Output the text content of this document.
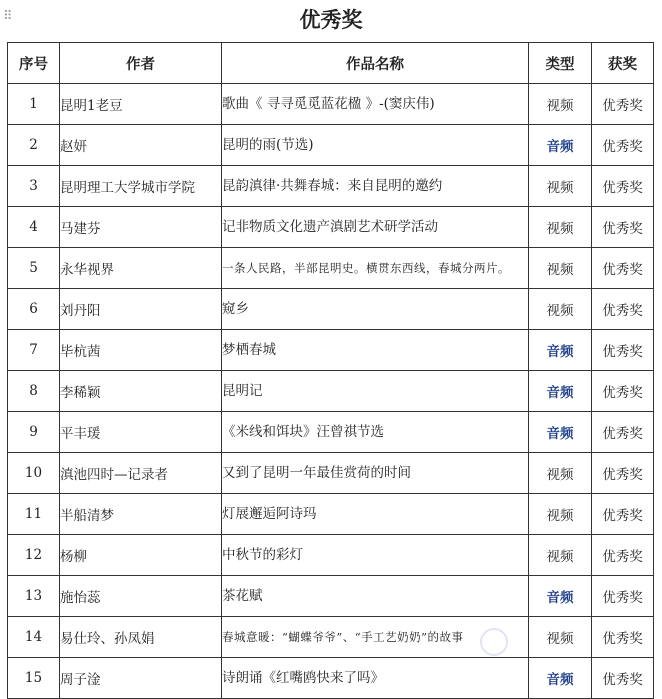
⠿	优秀奖
序号	作者	作品名称	类型	获奖
1	昆明1老豆	歌曲《 寻寻觅觅蓝花楹 》-(窦庆伟)	视频	优秀奖
2	赵妍	昆明的雨(节选)	音频	优秀奖
3	昆明理工大学城市学院	昆韵滇律·共舞春城：来自昆明的邀约	视频	优秀奖
4	马建芬	记非物质文化遗产滇剧艺术研学活动	视频	优秀奖
5	永华视界	一条人民路，半部昆明史。横贯东西线，春城分两片。	视频	优秀奖
6	刘丹阳	窥乡	视频	优秀奖
7	毕杭茜	梦栖春城	音频	优秀奖
8	李稀颖	昆明记	音频	优秀奖
9	平丰瑗	《米线和饵块》汪曾祺节选	音频	优秀奖
10	滇池四时—记录者	又到了昆明一年最佳赏荷的时间	视频	优秀奖
11	半船清梦	灯展邂逅阿诗玛	视频	优秀奖
12	杨柳	中秋节的彩灯	视频	优秀奖
13	施怡蕊	茶花赋	音频	优秀奖
14	易仕玲、孙凤娟	春城意暖：“蝴蝶爷爷”、“手工艺奶奶”的故事	视频	优秀奖
15	周子淦	诗朗诵《红嘴鸥快来了吗》	音频	优秀奖
